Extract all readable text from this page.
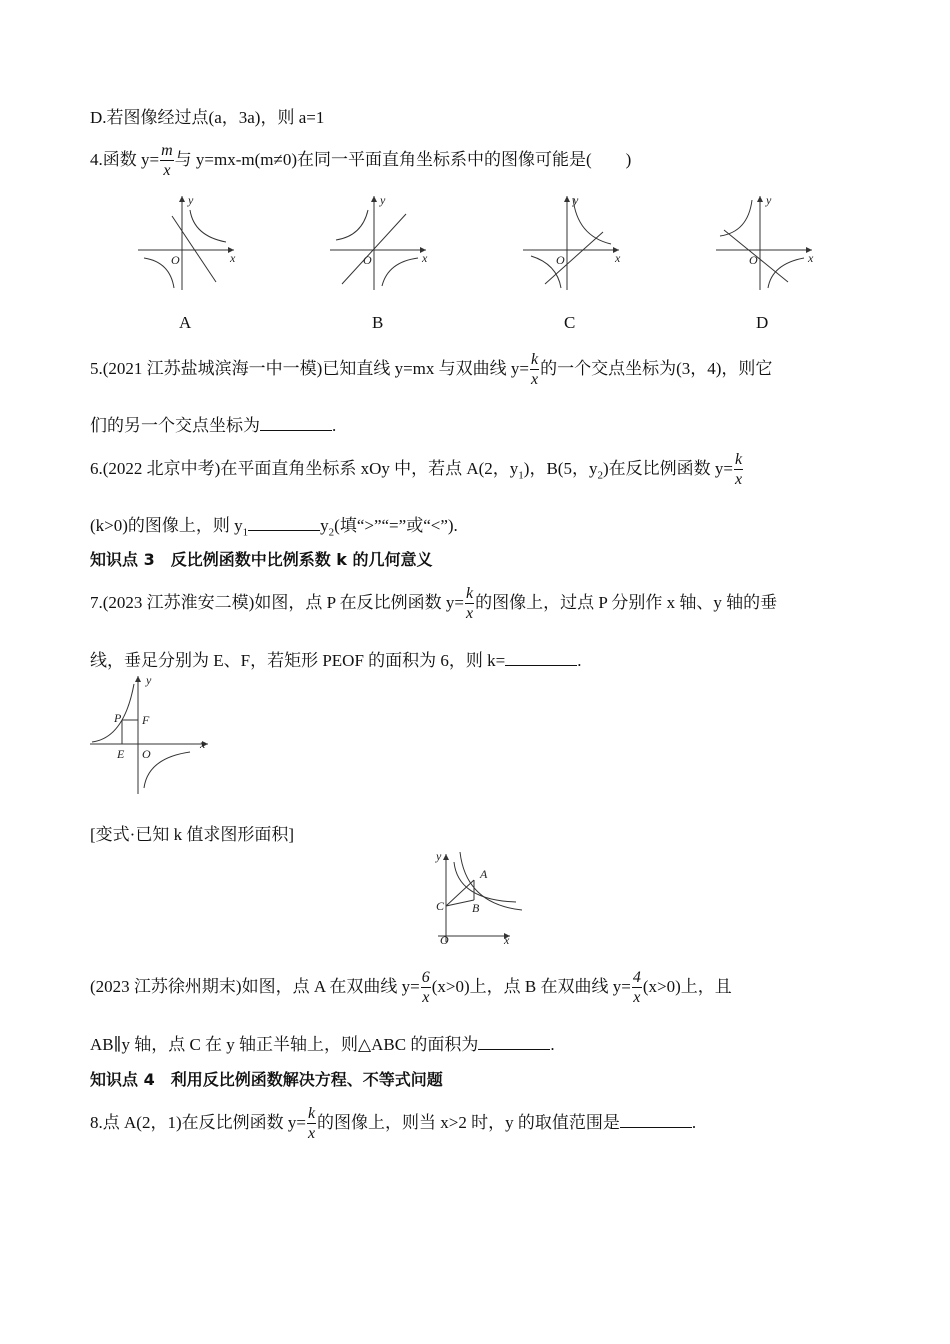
D.若图像经过点(a，3a)，则 a=1
4.函数 $y= \frac{m}{x}$ 与 y=mx-m(m≠0)在同一平面直角坐标系中的图像可能是(　　)
y
x
O
y
x
O
y
x
O
y
x
O
A	B	C	D
5.(2021 江苏盐城滨海一中一模)已知直线 y=mx 与双曲线 $y= \frac{k}{x}$ 的一个交点坐标为(3，4)，则它
们的另一个交点坐标为	.
6.(2022 北京中考)在平面直角坐标系 xOy 中，若点 A(2，$y_1$)，B(5，$y_2$)在反比例函数 $y= \frac{k}{x}$
(k>0)的图像上，则 $y_1$	$y_2$(填“>”“=”或“<”).
知识点 3　反比例函数中比例系数 k 的几何意义
7.(2023 江苏淮安二模)如图，点 P 在反比例函数 $y= \frac{k}{x}$ 的图像上，过点 P 分别作 x 轴、y 轴的垂
线，垂足分别为 E、F，若矩形 PEOF 的面积为 6，则 k=	.
y
x
P F
E O
[变式·已知 k 值求图形面积]
y
x
A
B
C
O
(2023 江苏徐州期末)如图，点 A 在双曲线 $y= \frac{6}{x} (x>0)$上，点 B 在双曲线 $y= \frac{4}{x} (x>0)$上，且
AB∥y 轴，点 C 在 y 轴正半轴上，则△ABC 的面积为	.
知识点 4　利用反比例函数解决方程、不等式问题
8.点 A(2，1)在反比例函数 $y= \frac{k}{x}$ 的图像上，则当 x>2 时，y 的取值范围是	.
